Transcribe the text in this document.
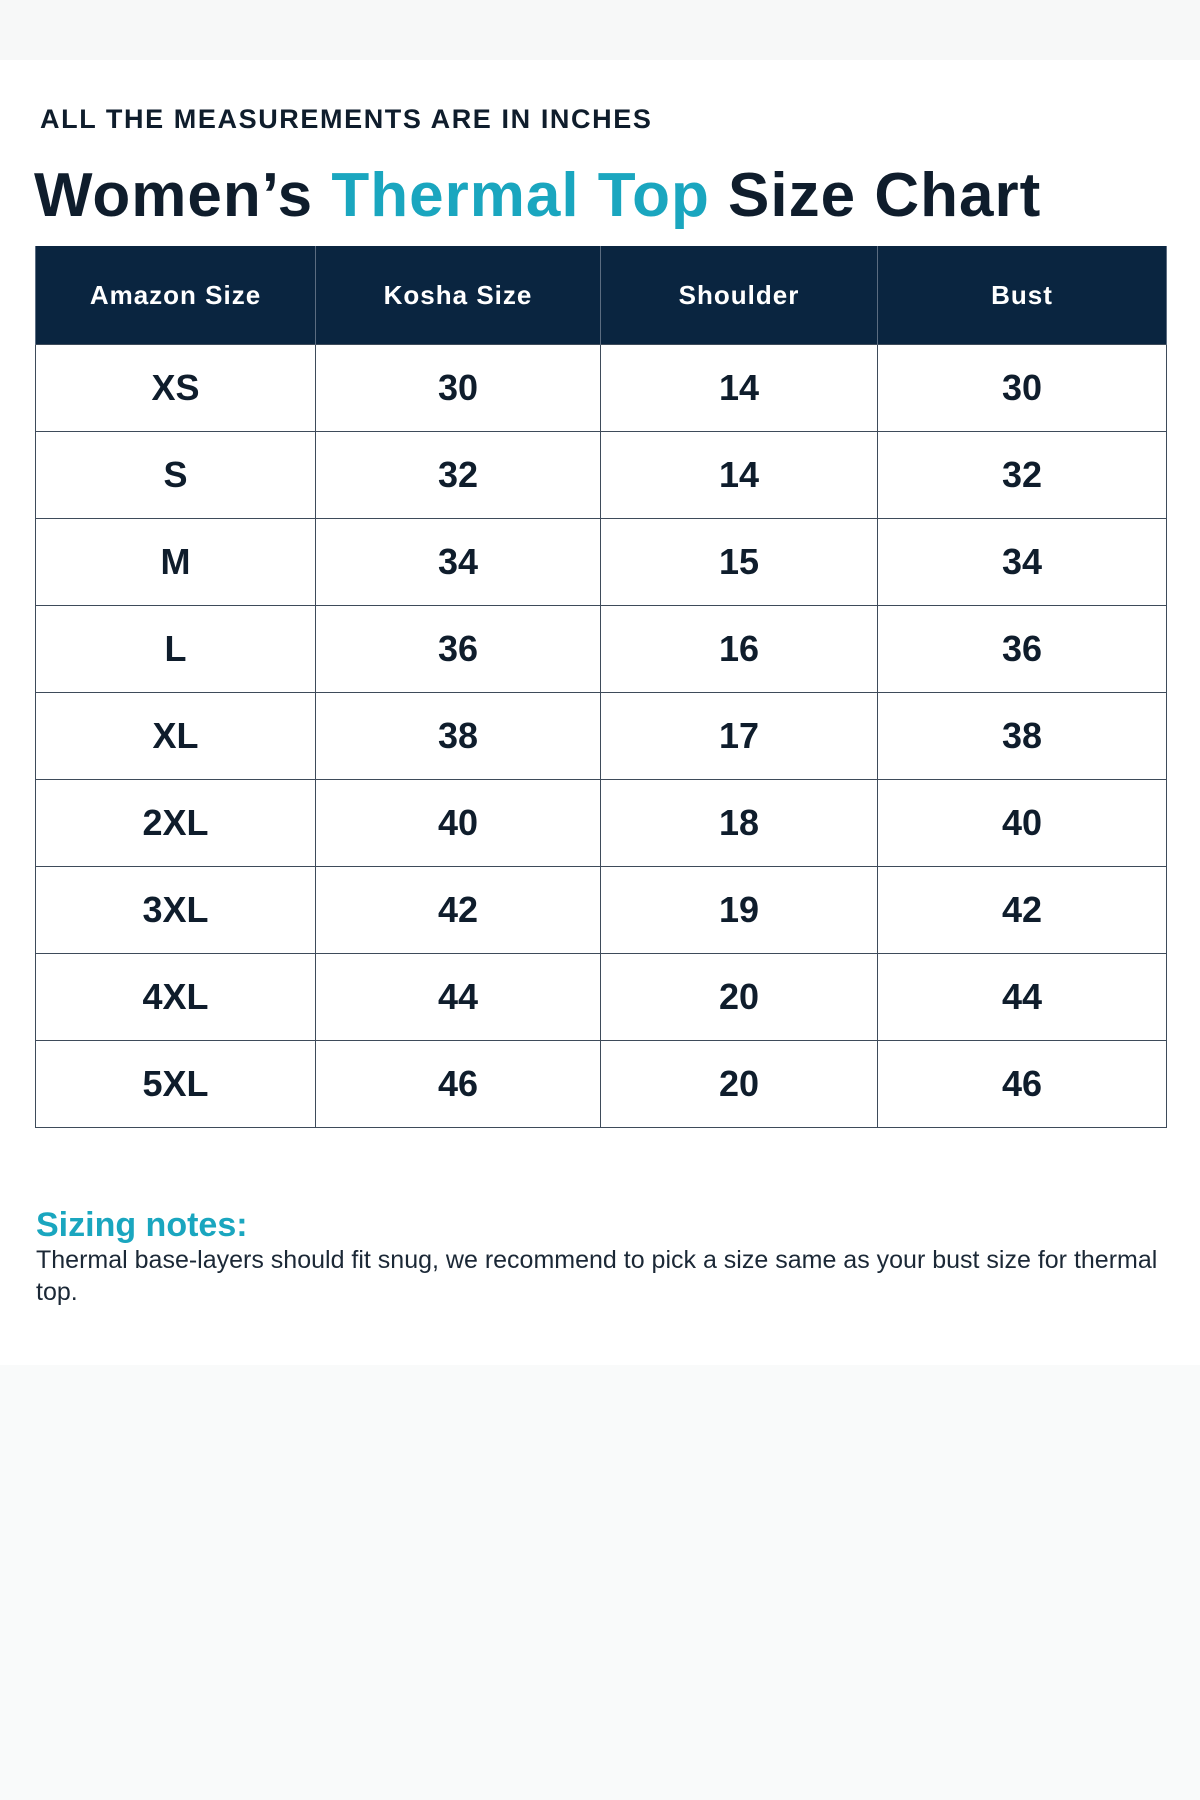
ALL THE MEASUREMENTS ARE IN INCHES
Women’s Thermal Top Size Chart
Amazon Size	Kosha Size	Shoulder	Bust
XS	30	14	30
S	32	14	32
M	34	15	34
L	36	16	36
XL	38	17	38
2XL	40	18	40
3XL	42	19	42
4XL	44	20	44
5XL	46	20	46
Sizing notes:
Thermal base-layers should fit snug, we recommend to pick a size same as your bust size for thermal top.
